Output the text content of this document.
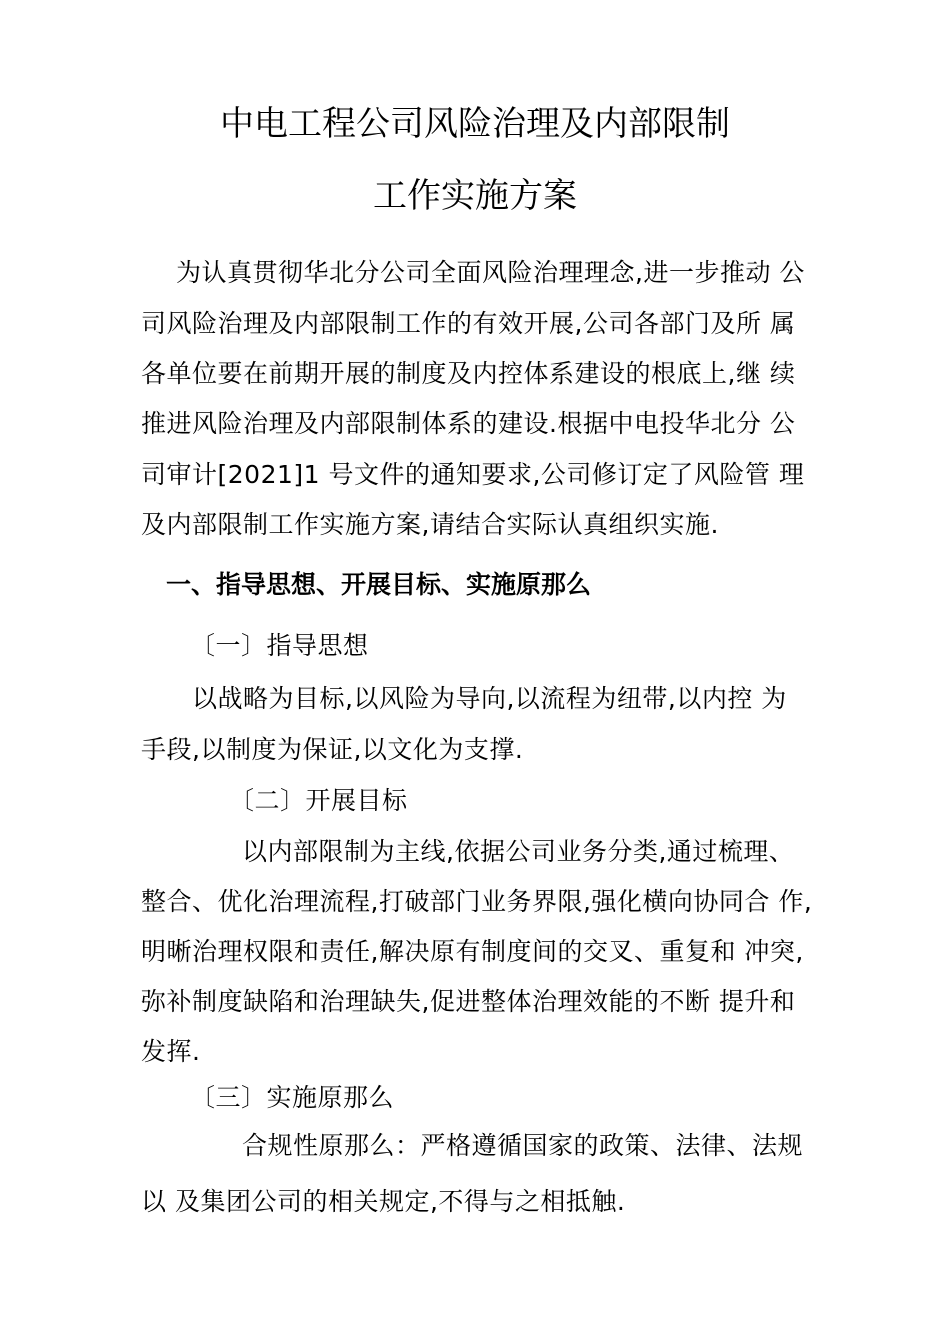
中电工程公司风险治理及内部限制
工作实施方案
为认真贯彻华北分公司全面风险治理理念,进一步推动 公
司风险治理及内部限制工作的有效开展,公司各部门及所 属
各单位要在前期开展的制度及内控体系建设的根底上,继 续
推进风险治理及内部限制体系的建设.根据中电投华北分 公
司审计[2021]1 号文件的通知要求,公司修订定了风险管 理
及内部限制工作实施方案,请结合实际认真组织实施.
一、指导思想、开展目标、实施原那么
〔一〕指导思想
以战略为目标,以风险为导向,以流程为纽带,以内控 为
手段,以制度为保证,以文化为支撑.
〔二〕开展目标
以内部限制为主线,依据公司业务分类,通过梳理、
整合、优化治理流程,打破部门业务界限,强化横向协同合 作,
明晰治理权限和责任,解决原有制度间的交叉、重复和 冲突,
弥补制度缺陷和治理缺失,促进整体治理效能的不断 提升和
发挥.
〔三〕实施原那么
合规性原那么：严格遵循国家的政策、法律、法规
以 及集团公司的相关规定,不得与之相抵触.
